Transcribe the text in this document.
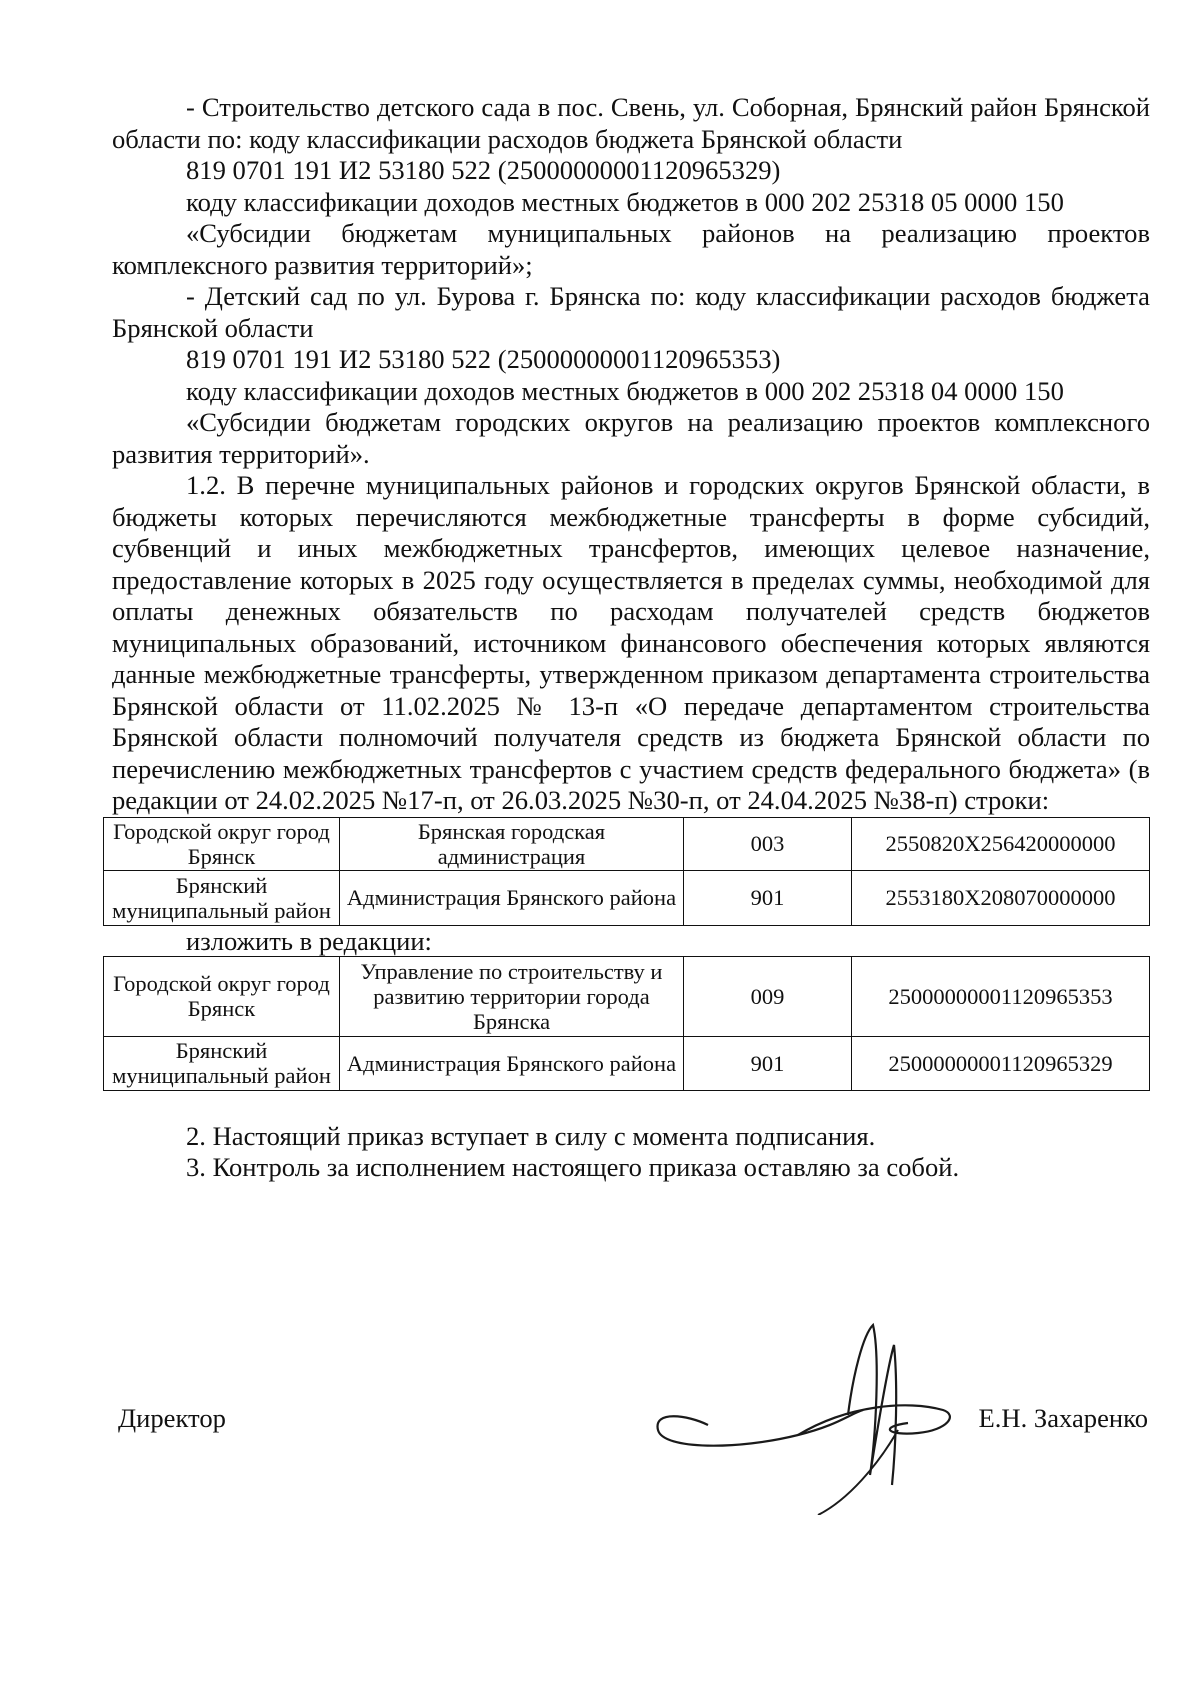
- Строительство детского сада в пос. Свень, ул. Соборная, Брянский район Брянской области по: коду классификации расходов бюджета Брянской области

819 0701 191 И2 53180 522 (25000000001120965329)

коду классификации доходов местных бюджетов в 000 202 25318 05 0000 150

«Субсидии бюджетам муниципальных районов на реализацию проектов комплексного развития территорий»;

- Детский сад по ул. Бурова г. Брянска по: коду классификации расходов бюджета Брянской области

819 0701 191 И2 53180 522 (25000000001120965353)

коду классификации доходов местных бюджетов в 000 202 25318 04 0000 150

«Субсидии бюджетам городских округов на реализацию проектов комплексного развития территорий».

1.2. В перечне муниципальных районов и городских округов Брянской области, в бюджеты которых перечисляются межбюджетные трансферты в форме субсидий, субвенций и иных межбюджетных трансфертов, имеющих целевое назначение, предоставление которых в 2025 году осуществляется в пределах суммы, необходимой для оплаты денежных обязательств по расходам получателей средств бюджетов муниципальных образований, источником финансового обеспечения которых являются данные межбюджетные трансферты, утвержденном приказом департамента строительства Брянской области от 11.02.2025 № 13-п «О передаче департаментом строительства Брянской области полномочий получателя средств из бюджета Брянской области по перечислению межбюджетных трансфертов с участием средств федерального бюджета» (в редакции от 24.02.2025 №17-п, от 26.03.2025 №30-п, от 24.04.2025 №38-п) строки:

Городской округ город Брянск	Брянская городская администрация	003	2550820X256420000000
Брянский муниципальный район	Администрация Брянского района	901	2553180X208070000000

изложить в редакции:

Городской округ город Брянск	Управление по строительству и развитию территории города Брянска	009	25000000001120965353
Брянский муниципальный район	Администрация Брянского района	901	25000000001120965329

2. Настоящий приказ вступает в силу с момента подписания.

3. Контроль за исполнением настоящего приказа оставляю за собой.

Директор	Е.Н. Захаренко
